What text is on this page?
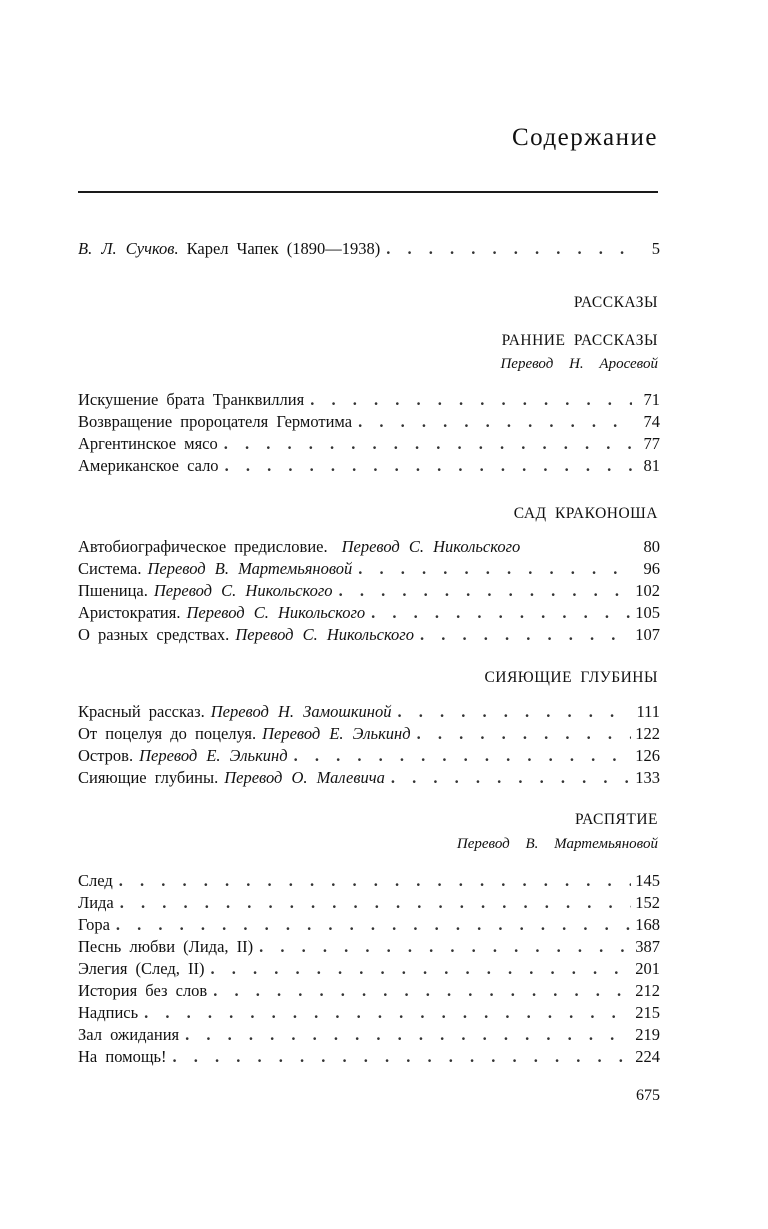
Содержание
В. Л. Сучков. Карел Чапек (1890—1938) . . .	5
РАССКАЗЫ
РАННИЕ РАССКАЗЫ
Перевод Н. Аросевой
Искушение брата Транквиллия . . .	71
Возвращение пророцателя Гермотима . . .	74
Аргентинское мясо . . .	77
Американское сало . . .	81
САД КРАКОНОША
Автобиографическое предисловие. Перевод С. Никольского	80
Система. Перевод В. Мартемьяновой . . .	96
Пшеница. Перевод С. Никольского . . .	102
Аристократия. Перевод С. Никольского . . .	105
О разных средствах. Перевод С. Никольского . . .	107
СИЯЮЩИЕ ГЛУБИНЫ
Красный рассказ. Перевод Н. Замошкиной . . .	111
От поцелуя до поцелуя. Перевод Е. Элькинд . . .	122
Остров. Перевод Е. Элькинд . . .	126
Сияющие глубины. Перевод О. Малевича . . .	133
РАСПЯТИЕ
Перевод В. Мартемьяновой
След . . .	145
Лида . . .	152
Гора . . .	168
Песнь любви (Лида, II) . . .	387
Элегия (След, II) . . .	201
История без слов . . .	212
Надпись . . .	215
Зал ожидания . . .	219
На помощь! . . .	224
675
